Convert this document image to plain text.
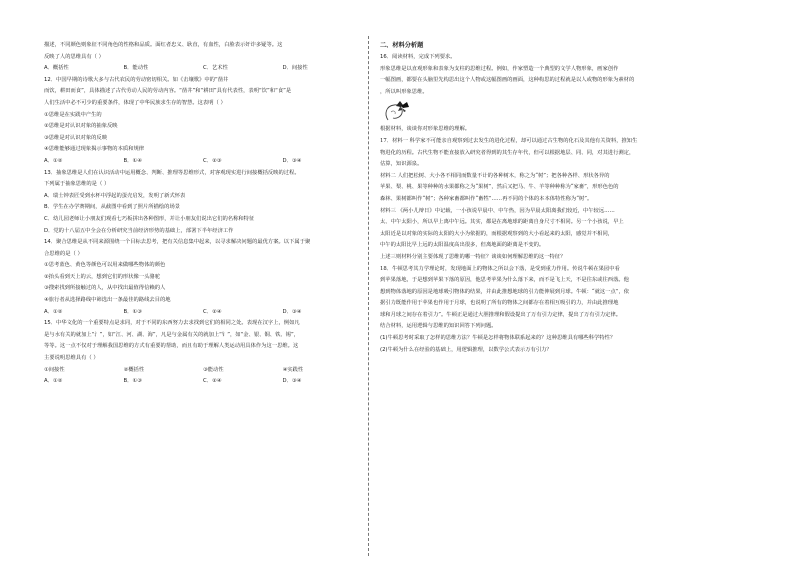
描述，不同颜色则象征不同角色的性格和品质。面红者忠义、耿直，有血性，白脸表示奸诈多疑等。这
反映了人的思维具有（ ）
A．概括性	B．能动性	C．艺术性	D．间接性
12．中国早期的诗歌大多与古代农民的劳动密切相关。如《击壤歌》中的“凿井
而饮，耕田而食”，具体描述了古代劳动人民的劳动内容。“凿井”和“耕田”具有代表性，表明“饮”和“食”是
人们生活中必不可少的重要条件，体现了中华民族求生存的智慧。这表明（ ）
①思维是在实践中产生的
②思维是对认识对象的抽象反映
③思维是对认识对象的反映
④思维能够通过现象揭示事物的本质和规律
A．①②	B．①④	C．②③	D．③④
13．抽象思维是人们在认识活动中运用概念、判断、推理等思维形式，对客观现实进行间接概括反映的过程。
下列属于抽象思维的是（ ）
A．瑞士钟表匠受到水杯中浮起的蛋壳启发，发明了新式怀表
B．学生在办学赛期间，从截图中看到了照片所描绘的场景
C．幼儿园老师让小朋友们观看七巧板拼出各种图形，并让小朋友们说出它们的名称和特征
D．党的十八届五中全会在分析研究当前经济形势的基础上，部署下半年经济工作
14．聚合思维是从不同来源围绕一个目标去思考，把有关信息集中起来，以寻求解决问题的最优方案。以下属于聚
合思维的是（ ）
①思考蓝色、黄色等颜色可以用来做哪些物体的颜色
②抬头看到天上的云，想到它们的形状像一头骆驼
③搜索找到所接触过的人，从中找出最值得信赖的人
④旅行者从选择路线中筛选出一条最佳的路线去目的地
A．①②	B．①③	C．②④	D．③④
15．中华文化的一个重要特点是求同，对于不同的东西努力去求找到它们的相同之处。表现在汉字上，例如凡
是与水有关的就加上“氵”，如“江、河、湖、海”，凡是与金属有关的就加上“钅”，如“金、银、铜、铁、锡”，
等等。这一点不仅对于理解我国思维的方式有重要的帮助，而且有助于理解人类运动用具体作为这一思维。这
主要说明思维具有（ ）
①间接性	②概括性	③能动性	④实践性
A．①②	B．①③	C．②④	D．③④
二、材料分析题
16．阅读材料，完成下列要求。
形象思维是以直观形象和表象为支柱的思维过程。例如，作家塑造一个典型的文学人物形象，画家创作
一幅图画，都要在头脑里先构思出这个人物或这幅图画的画面，这种构思的过程就是以人或物的形象为素材的
，所以叫形象思维。
根据材料，谈谈你对形象思维的理解。
17．材料一 科学家不可能亲自观察到过去发生的进化过程，却可以通过古生物的化石及其他有关资料，推知生
物进化的历程。古代生物不能直接放入研究者得到的其生存年代，但可以根据地层、同、同，对其进行测定，
估算，知识源泉。
材料二 人们把松树、大小各不相同而数量不计的各种树木，称之为“树”；把各种各样、形状各异的
苹果、梨、桃、果等种种的水果都称之为“果树”，然后又把马、牛、羊等种种称为“家畜”，形形色色的
森林、果树都叫作“树”；各种家畜都叫作“畜牲”……再不同的个体的本本体特性称为“树”。
材料三 《两小儿辩日》中记载，一小孩说早晨中、中午热，因为早晨太阳离我们较近，中午较远……
太、中午太阳小，所以早上离中午远。其实，都是在离地球的距离自身尺寸不相同。另一个小孩说，早上
太阳近是以对象的实际的太阳的大小为依据的，而根据观察到的大小看起来的太阳，感觉并不相同，
中午的太阳比早上远的太阳温度高出很多，但离地面的距离是不变的。
上述三则材料分别主要体现了思维的哪一特征？谈谈如何理解思维的这一特征？
18．牛顿思考其力学理论时，发现地面上的物体之所以会下落，是受到重力作用。传说牛顿在果园中看
到苹果落地，于是想到苹果下落的原因，他思考苹果为什么落下来，而不是飞上天，不是往东或往西落。他
想到物体落地的原因是地球吸引物体的结果，并由此推想地球的引力能伸展到月球。牛顿：“就这一点”，依
据引力既能作用于苹果也作用于月球，也说明了所有的物体之间都存在着相互吸引的力，并由此推理地
球和月球之间存在着引力”。牛顿正是通过大胆推理和假设提出了万有引力定律，提出了万有引力定律。
结合材料，运用逻辑与思维的知识回答下列问题。
(1)牛顿思考时采取了怎样的思维方法？牛顿是怎样将物体联系起来的？这种思维具有哪些科学特性？
(2)牛顿为什么在经验的基础上，用逻辑推理，以数学公式表示万有引力？
